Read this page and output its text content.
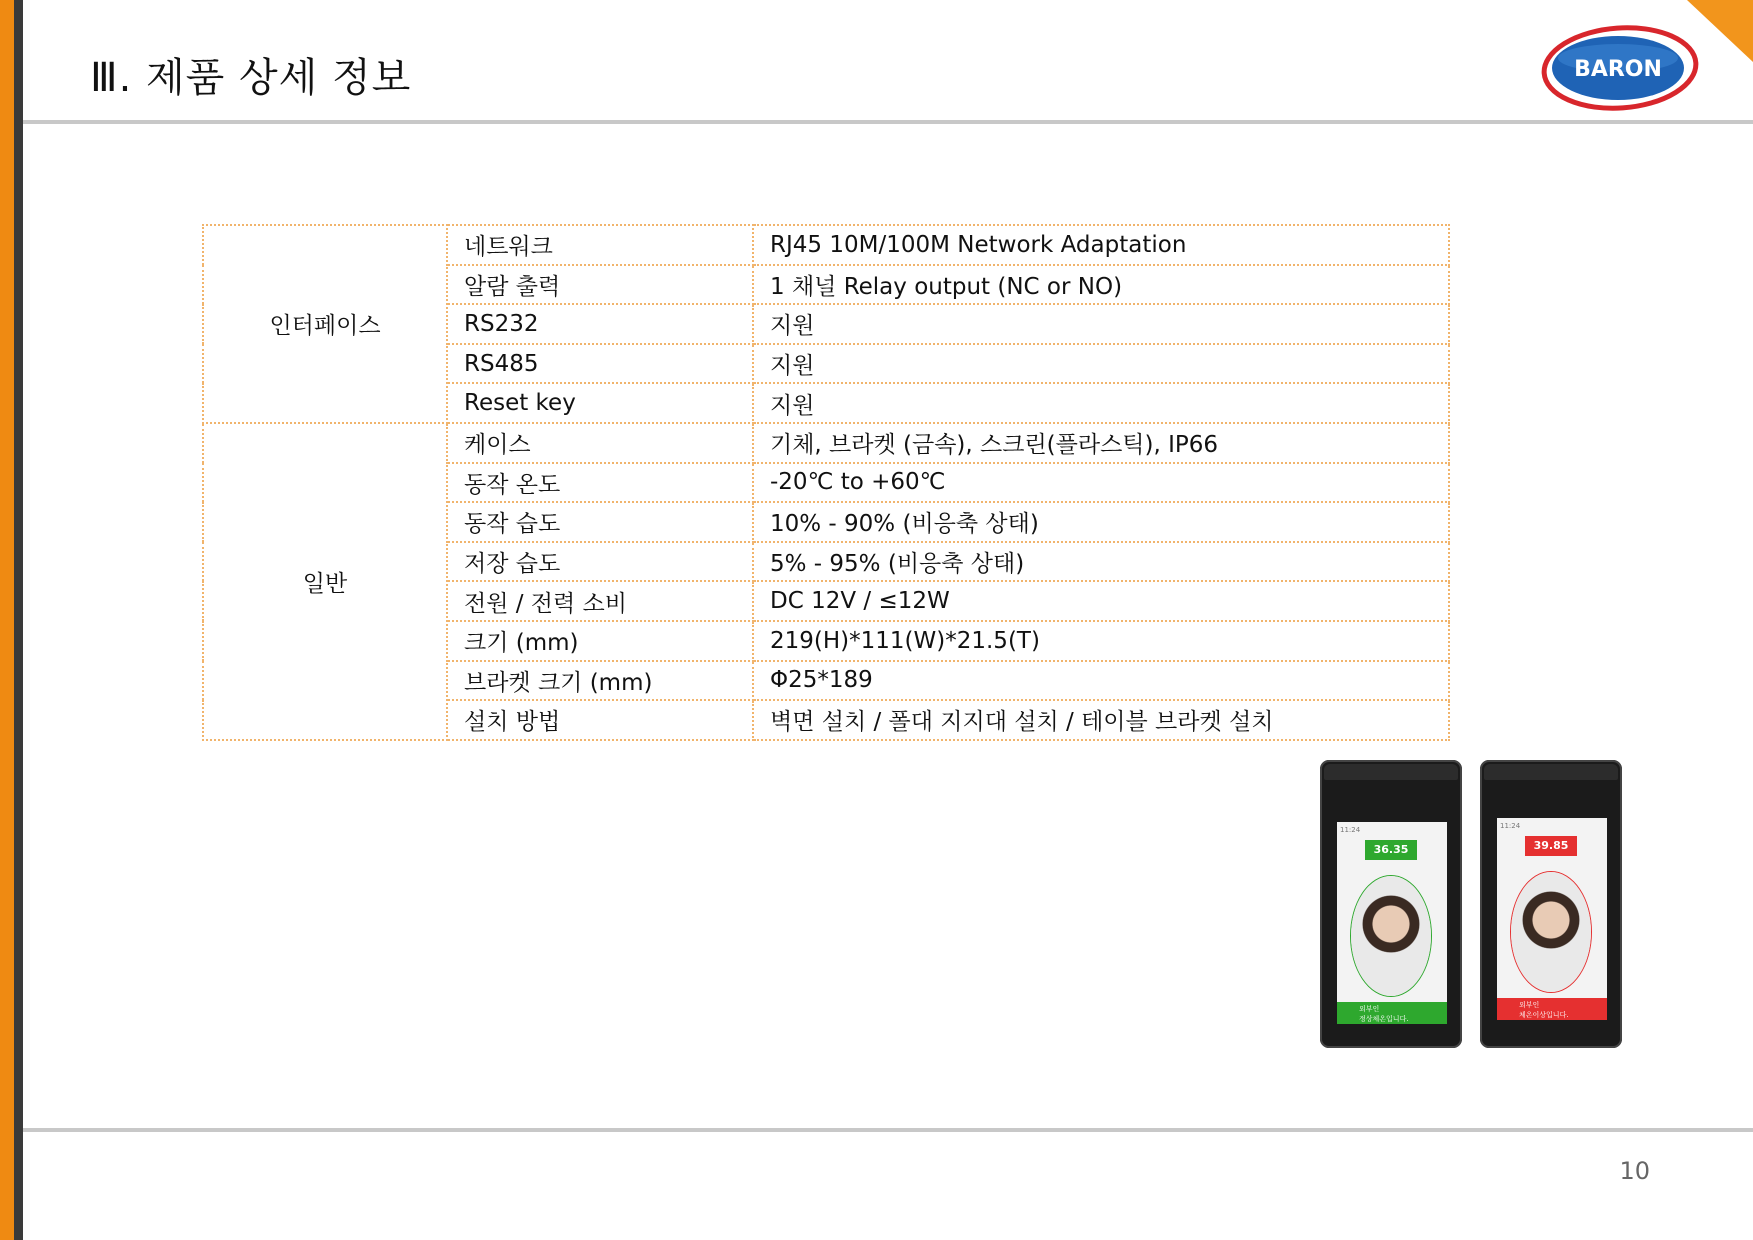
Ⅲ. 제품 상세 정보	BARON
인터페이스	네트워크	RJ45 10M/100M Network Adaptation
	알람 출력	1 채널 Relay output (NC or NO)
	RS232	지원
	RS485	지원
	Reset key	지원
일반	케이스	기체, 브라켓 (금속), 스크린(플라스틱), IP66
	동작 온도	-20℃ to +60℃
	동작 습도	10% - 90% (비응축 상태)
	저장 습도	5% - 95% (비응축 상태)
	전원 / 전력 소비	DC 12V / ≤12W
	크기 (mm)	219(H)*111(W)*21.5(T)
	브라켓 크기 (mm)	Φ25*189
	설치 방법	벽면 설치 / 폴대 지지대 설치 / 테이블 브라켓 설치
11:24
36.35
외부인
정상체온입니다.
11:24
39.85
외부인
체온이상입니다.
10
